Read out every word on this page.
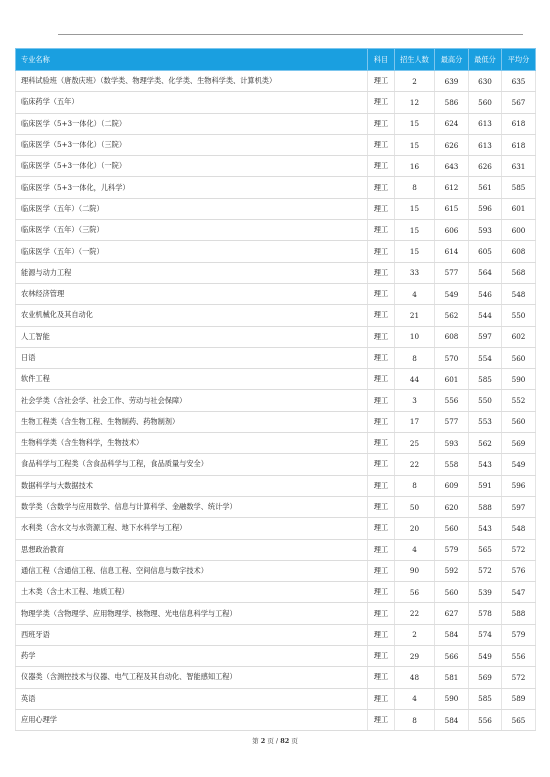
专业名称	科目	招生人数	最高分	最低分	平均分
理科试验班（唐敖庆班）（数学类、物理学类、化学类、生物科学类、计算机类）	理工	2	639	630	635
临床药学（五年）	理工	12	586	560	567
临床医学（5+3一体化）（二院）	理工	15	624	613	618
临床医学（5+3一体化）（三院）	理工	15	626	613	618
临床医学（5+3一体化）（一院）	理工	16	643	626	631
临床医学（5+3一体化，儿科学）	理工	8	612	561	585
临床医学（五年）（二院）	理工	15	615	596	601
临床医学（五年）（三院）	理工	15	606	593	600
临床医学（五年）（一院）	理工	15	614	605	608
能源与动力工程	理工	33	577	564	568
农林经济管理	理工	4	549	546	548
农业机械化及其自动化	理工	21	562	544	550
人工智能	理工	10	608	597	602
日语	理工	8	570	554	560
软件工程	理工	44	601	585	590
社会学类（含社会学、社会工作、劳动与社会保障）	理工	3	556	550	552
生物工程类（含生物工程、生物制药、药物制剂）	理工	17	577	553	560
生物科学类（含生物科学，生物技术）	理工	25	593	562	569
食品科学与工程类（含食品科学与工程，食品质量与安全）	理工	22	558	543	549
数据科学与大数据技术	理工	8	609	591	596
数学类（含数学与应用数学、信息与计算科学、金融数学、统计学）	理工	50	620	588	597
水利类（含水文与水资源工程、地下水科学与工程）	理工	20	560	543	548
思想政治教育	理工	4	579	565	572
通信工程（含通信工程、信息工程、空间信息与数字技术）	理工	90	592	572	576
土木类（含土木工程、地质工程）	理工	56	560	539	547
物理学类（含物理学、应用物理学、核物理、光电信息科学与工程）	理工	22	627	578	588
西班牙语	理工	2	584	574	579
药学	理工	29	566	549	556
仪器类（含测控技术与仪器、电气工程及其自动化、智能感知工程）	理工	48	581	569	572
英语	理工	4	590	585	589
应用心理学	理工	8	584	556	565
第 2 页 / 82 页
